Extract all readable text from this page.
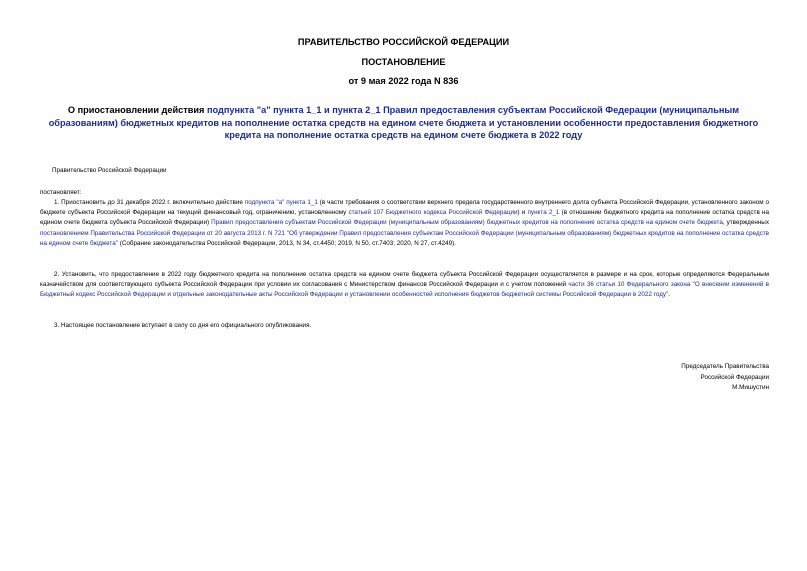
ПРАВИТЕЛЬСТВО РОССИЙСКОЙ ФЕДЕРАЦИИ
ПОСТАНОВЛЕНИЕ
от 9 мая 2022 года N 836
О приостановлении действия подпункта "а" пункта 1_1 и пункта 2_1 Правил предоставления субъектам Российской Федерации (муниципальным образованиям) бюджетных кредитов на пополнение остатка средств на едином счете бюджета и установлении особенности предоставления бюджетного кредита на пополнение остатка средств на едином счете бюджета в 2022 году
Правительство Российской Федерации
постановляет:
1. Приостановить до 31 декабря 2022 г. включительно действие подпункта "а" пункта 1_1 (в части требования о соответствии верхнего предела государственного внутреннего долга субъекта Российской Федерации, установленного законом о бюджете субъекта Российской Федерации на текущий финансовый год, ограничению, установленному статьей 107 Бюджетного кодекса Российской Федерации) и пункта 2_1 (в отношении бюджетного кредита на пополнение остатка средств на едином счете бюджета субъекта Российской Федерации) Правил предоставления субъектам Российской Федерации (муниципальным образованиям) бюджетных кредитов на пополнение остатка средств на едином счете бюджета, утвержденных постановлением Правительства Российской Федерации от 20 августа 2013 г. N 721 "Об утверждении Правил предоставления субъектам Российской Федерации (муниципальным образованиям) бюджетных кредитов на пополнение остатка средств на едином счете бюджета" (Собрание законодательства Российской Федерации, 2013, N 34, ст.4450; 2019, N 50, ст.7403; 2020, N 27, ст.4249).
2. Установить, что предоставление в 2022 году бюджетного кредита на пополнение остатка средств на едином счете бюджета субъекта Российской Федерации осуществляется в размере и на срок, которые определяются Федеральным казначейством для соответствующего субъекта Российской Федерации при условии их согласования с Министерством финансов Российской Федерации и с учетом положений части 36 статьи 10 Федерального закона "О внесении изменений в Бюджетный кодекс Российской Федерации и отдельные законодательные акты Российской Федерации и установлении особенностей исполнения бюджетов бюджетной системы Российской Федерации в 2022 году".
3. Настоящее постановление вступает в силу со дня его официального опубликования.
Председатель Правительства
Российской Федерации
М.Мишустин
